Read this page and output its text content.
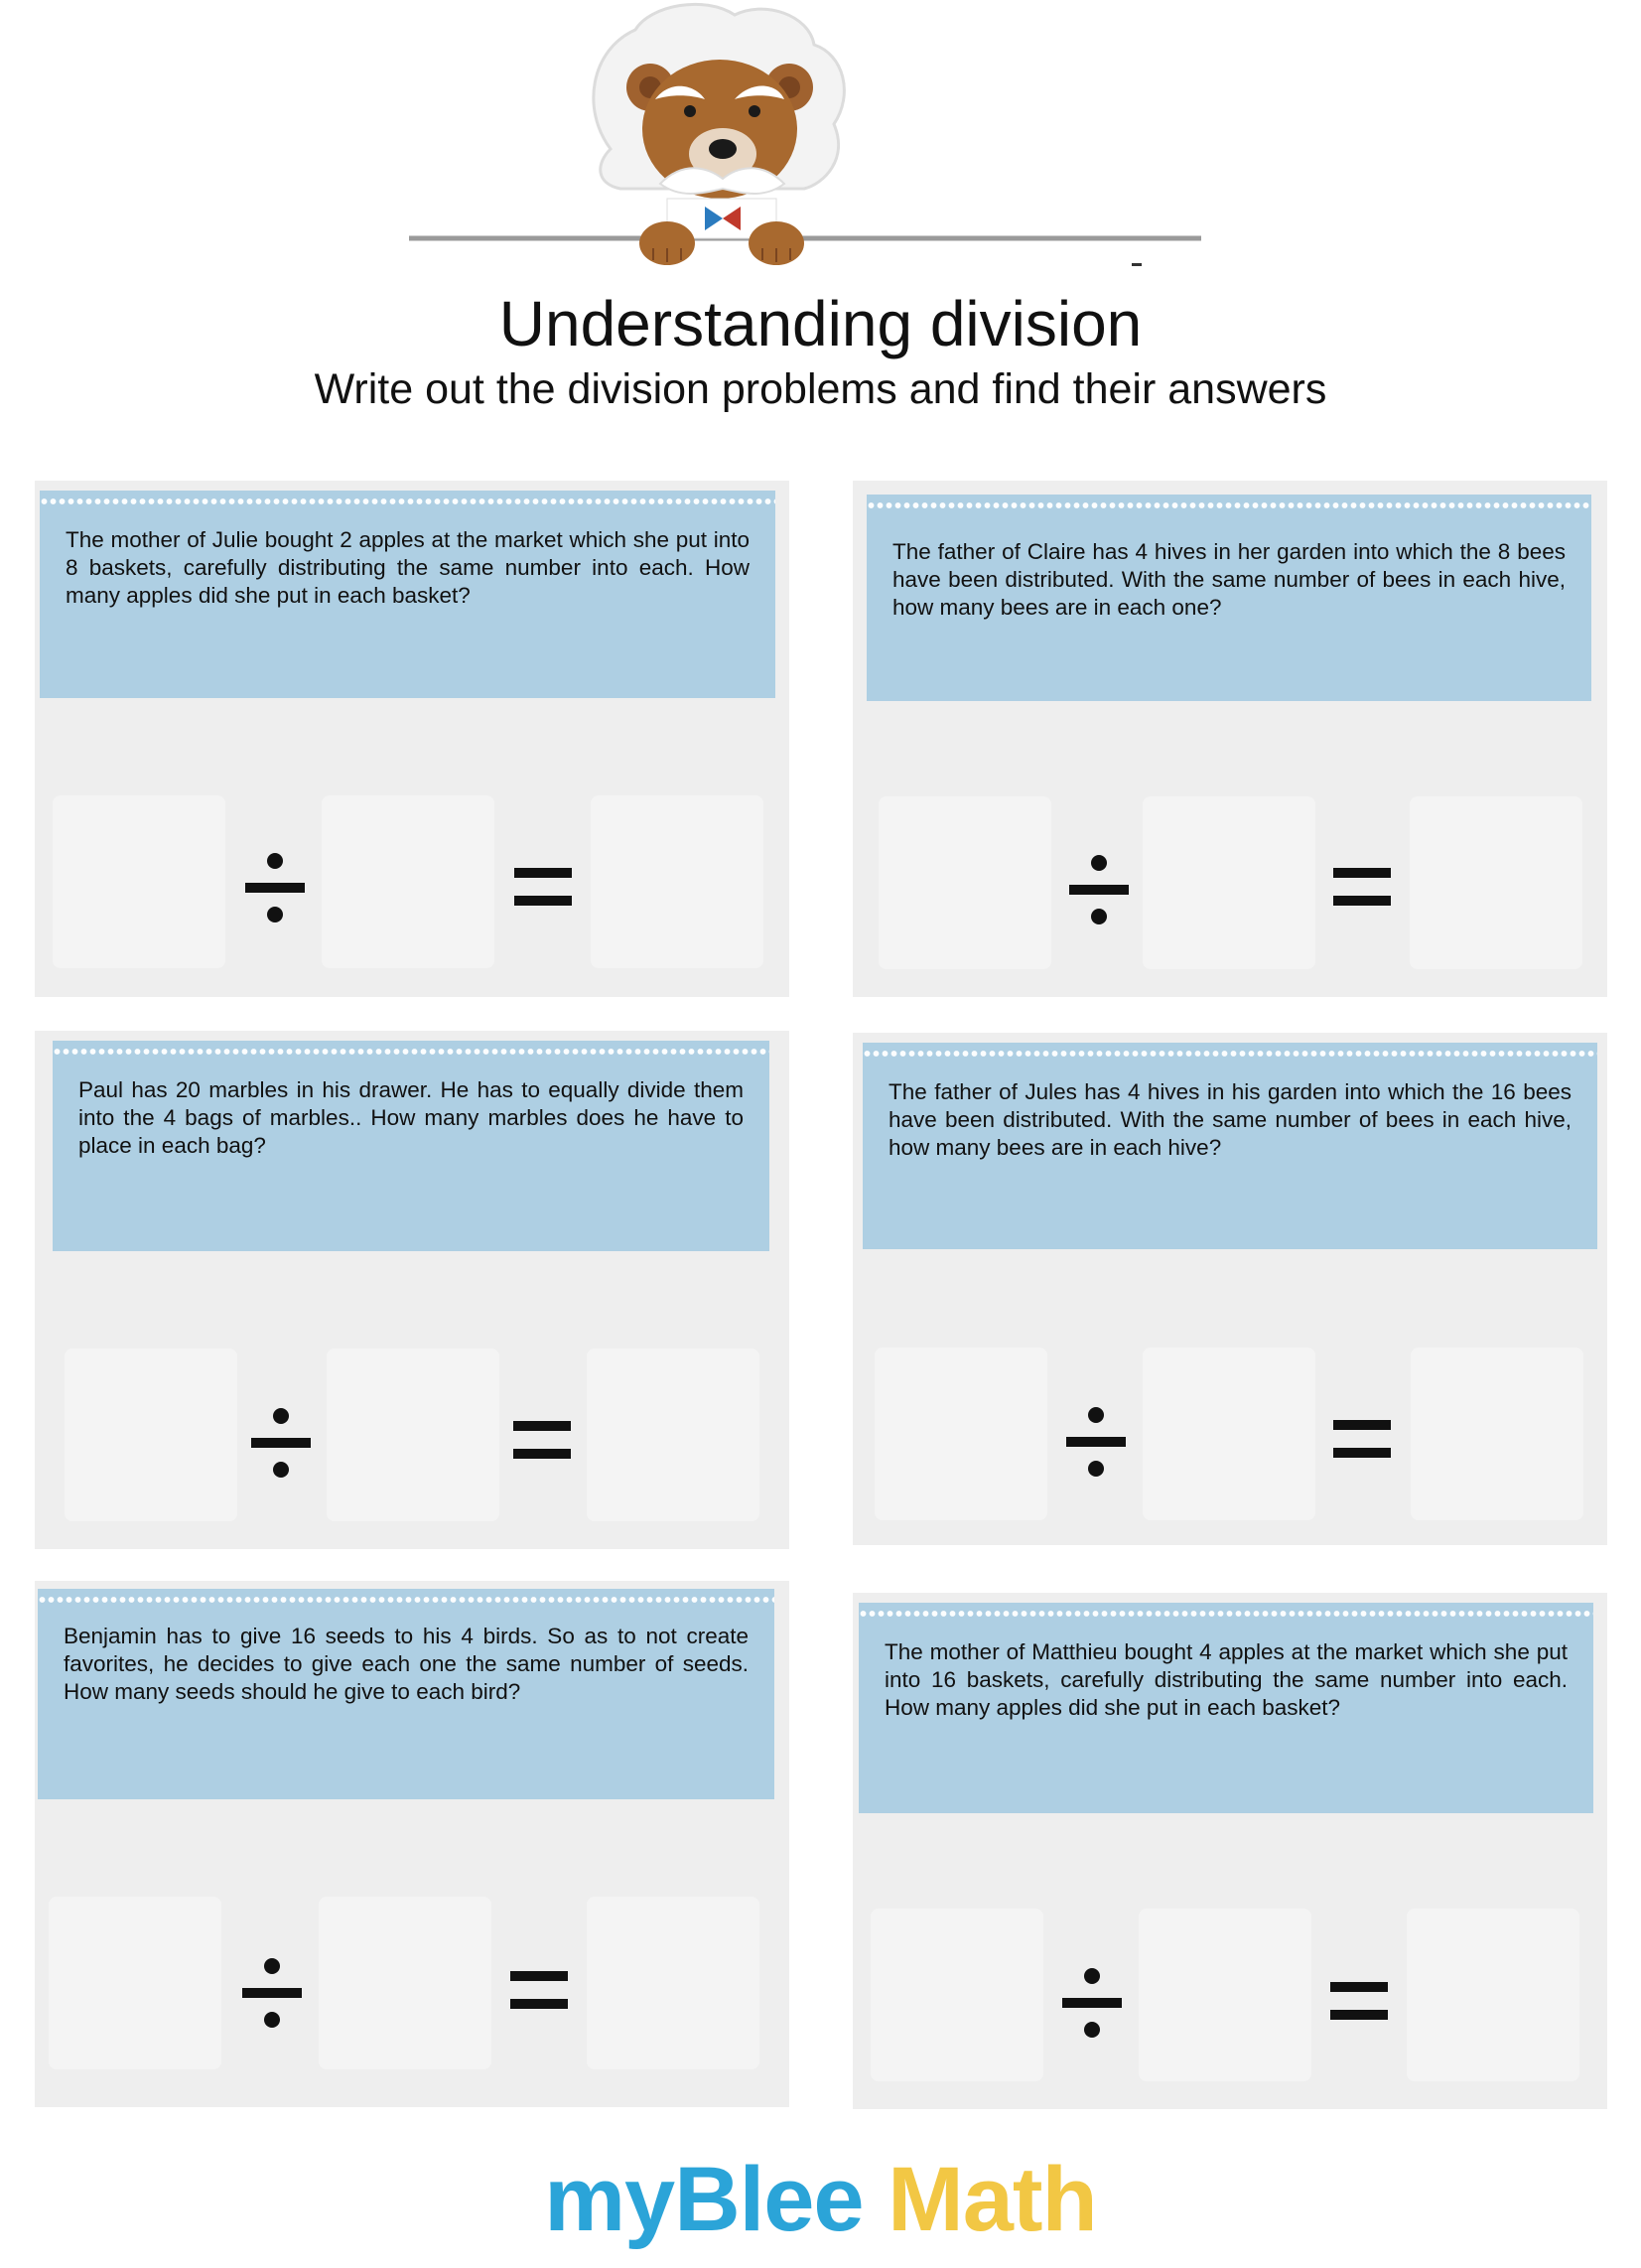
Understanding division
Write out the division problems and find their answers
The mother of Julie bought 2 apples at the market which she put into 8 baskets, carefully distributing the same number into each. How many apples did she put in each basket?
The father of Claire has 4 hives in her garden into which the 8 bees have been distributed. With the same number of bees in each hive, how many bees are in each one?
Paul has 20 marbles in his drawer. He has to equally divide them into the 4 bags of marbles.. How many marbles does he have to place in each bag?
The father of Jules has 4 hives in his garden into which the 16 bees have been distributed. With the same number of bees in each hive, how many bees are in each hive?
Benjamin has to give 16 seeds to his 4 birds. So as to not create favorites, he decides to give each one the same number of seeds. How many seeds should he give to each bird?
The mother of Matthieu bought 4 apples at the market which she put into 16 baskets, carefully distributing the same number into each. How many apples did she put in each basket?
myBlee Math
